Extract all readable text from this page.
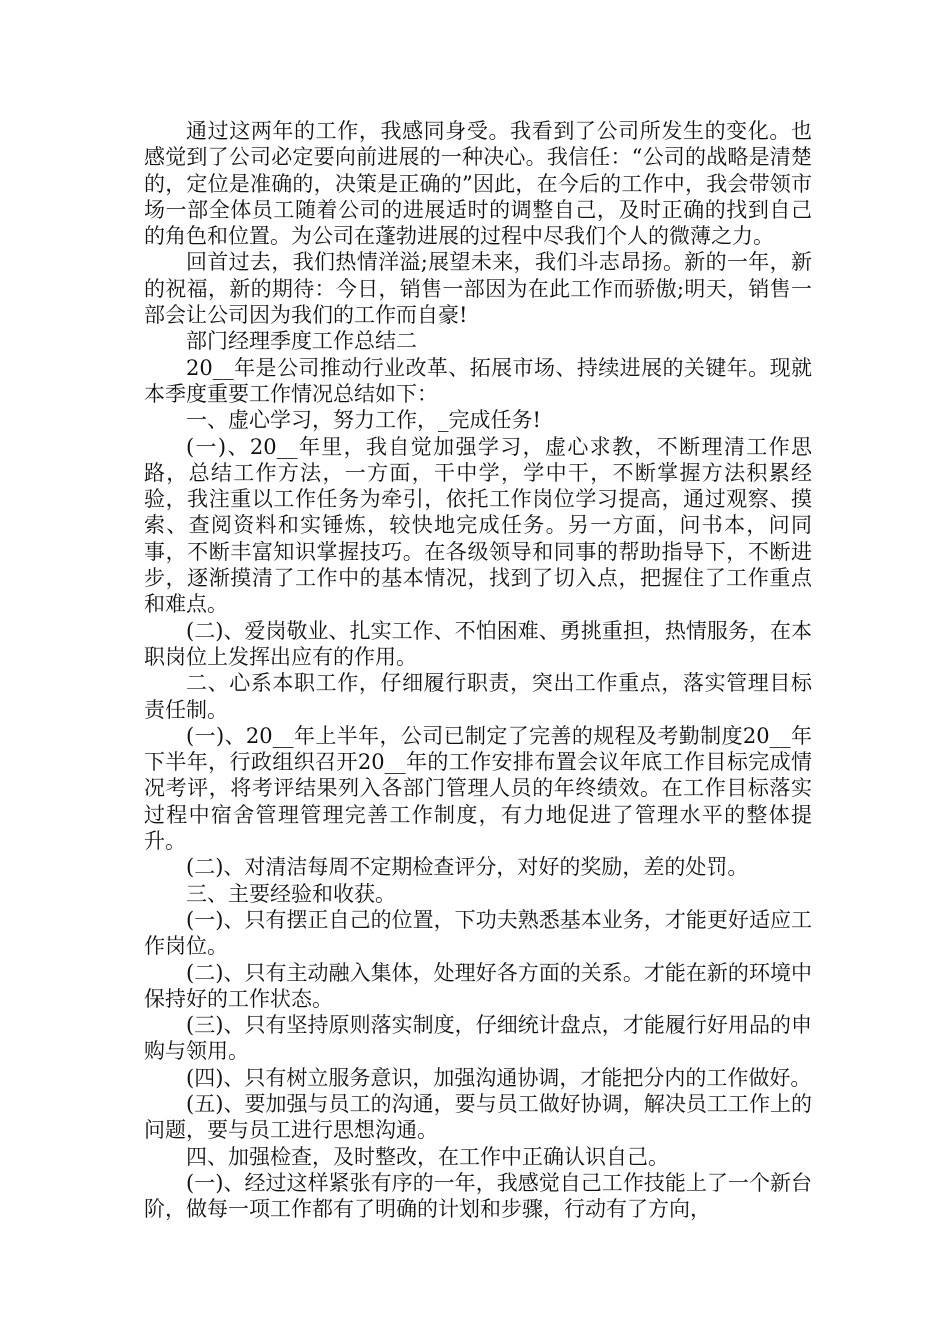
通过这两年的工作，我感同身受。我看到了公司所发生的变化。也感觉到了公司必定要向前进展的一种决心。我信任：“公司的战略是清楚的，定位是准确的，决策是正确的”因此，在今后的工作中，我会带领市场一部全体员工随着公司的进展适时的调整自己，及时正确的找到自己的角色和位置。为公司在蓬勃进展的过程中尽我们个人的微薄之力。

回首过去，我们热情洋溢;展望未来，我们斗志昂扬。新的一年，新的祝福，新的期待：今日，销售一部因为在此工作而骄傲;明天，销售一部会让公司因为我们的工作而自豪!

部门经理季度工作总结二

20__年是公司推动行业改革、拓展市场、持续进展的关键年。现就本季度重要工作情况总结如下：

一、虚心学习，努力工作，_完成任务!

(一)、20__年里，我自觉加强学习，虚心求教，不断理清工作思路，总结工作方法，一方面，干中学，学中干，不断掌握方法积累经验，我注重以工作任务为牵引，依托工作岗位学习提高，通过观察、摸索、查阅资料和实锤炼，较快地完成任务。另一方面，问书本，问同事，不断丰富知识掌握技巧。在各级领导和同事的帮助指导下，不断进步，逐渐摸清了工作中的基本情况，找到了切入点，把握住了工作重点和难点。

(二)、爱岗敬业、扎实工作、不怕困难、勇挑重担，热情服务，在本职岗位上发挥出应有的作用。

二、心系本职工作，仔细履行职责，突出工作重点，落实管理目标责任制。

(一)、20__年上半年，公司已制定了完善的规程及考勤制度20__年下半年，行政组织召开20__年的工作安排布置会议年底工作目标完成情况考评，将考评结果列入各部门管理人员的年终绩效。在工作目标落实过程中宿舍管理管理完善工作制度，有力地促进了管理水平的整体提升。

(二)、对清洁每周不定期检查评分，对好的奖励，差的处罚。

三、主要经验和收获。

(一)、只有摆正自己的位置，下功夫熟悉基本业务，才能更好适应工作岗位。

(二)、只有主动融入集体，处理好各方面的关系。才能在新的环境中保持好的工作状态。

(三)、只有坚持原则落实制度，仔细统计盘点，才能履行好用品的申购与领用。

(四)、只有树立服务意识，加强沟通协调，才能把分内的工作做好。

(五)、要加强与员工的沟通，要与员工做好协调，解决员工工作上的问题，要与员工进行思想沟通。

四、加强检查，及时整改，在工作中正确认识自己。

(一)、经过这样紧张有序的一年，我感觉自己工作技能上了一个新台阶，做每一项工作都有了明确的计划和步骤，行动有了方向，
